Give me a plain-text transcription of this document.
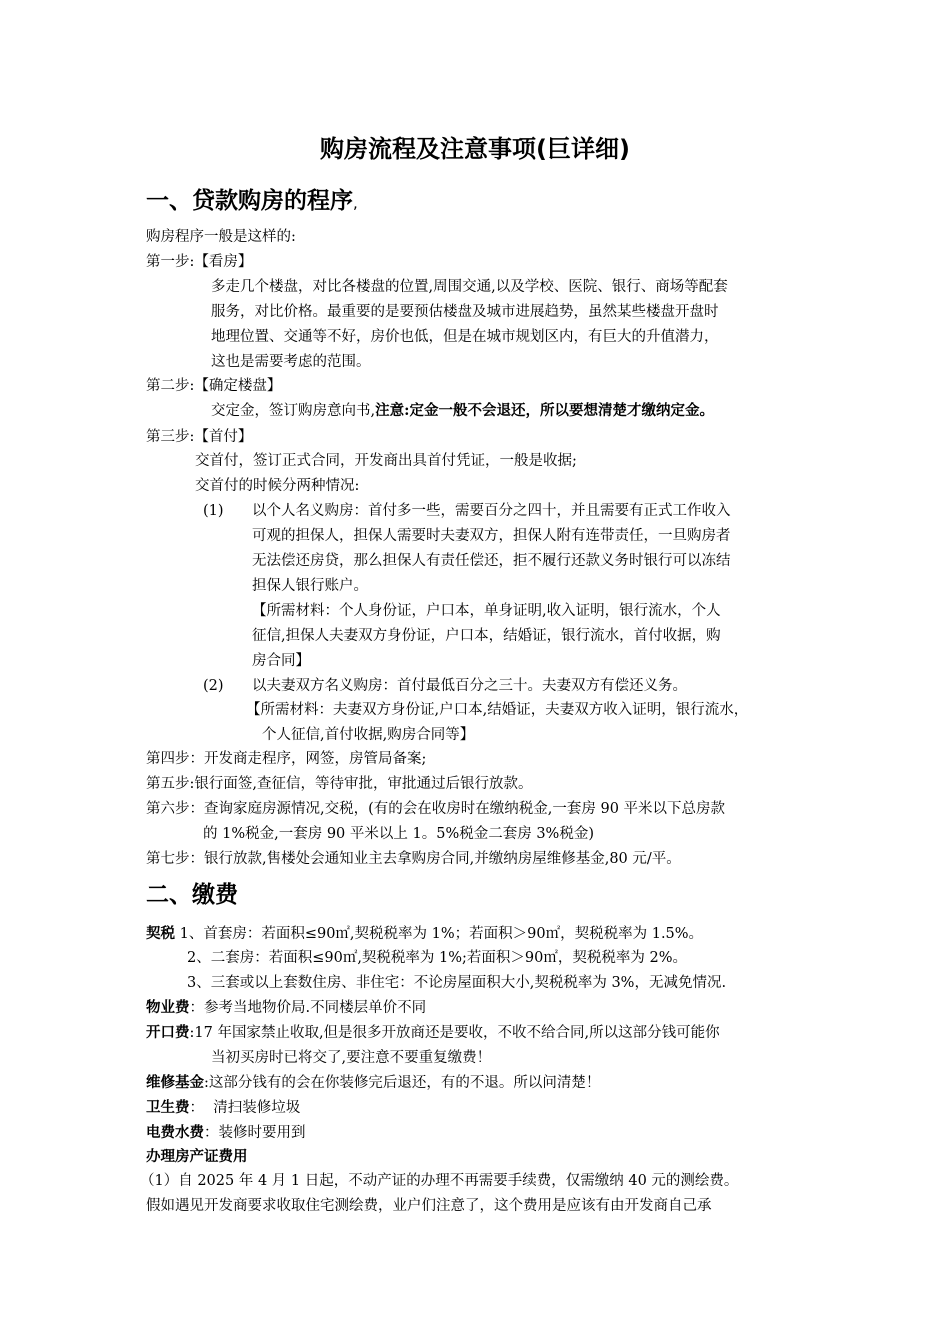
购房流程及注意事项(巨详细)
一、贷款购房的程序,
购房程序一般是这样的:
第一步:【看房】
多走几个楼盘，对比各楼盘的位置,周围交通,以及学校、医院、银行、商场等配套
服务，对比价格。最重要的是要预估楼盘及城市进展趋势，虽然某些楼盘开盘时
地理位置、交通等不好，房价也低，但是在城市规划区内，有巨大的升值潜力，
这也是需要考虑的范围。
第二步:【确定楼盘】
交定金，签订购房意向书,注意:定金一般不会退还，所以要想清楚才缴纳定金。
第三步:【首付】
交首付，签订正式合同，开发商出具首付凭证，一般是收据;
交首付的时候分两种情况:
(1) 以个人名义购房：首付多一些，需要百分之四十，并且需要有正式工作收入
可观的担保人，担保人需要时夫妻双方，担保人附有连带责任，一旦购房者
无法偿还房贷，那么担保人有责任偿还，拒不履行还款义务时银行可以冻结
担保人银行账户。
【所需材料：个人身份证，户口本，单身证明,收入证明，银行流水，个人
征信,担保人夫妻双方身份证，户口本，结婚证，银行流水，首付收据，购
房合同】
(2) 以夫妻双方名义购房：首付最低百分之三十。夫妻双方有偿还义务。
【所需材料：夫妻双方身份证,户口本,结婚证，夫妻双方收入证明，银行流水，
个人征信,首付收据,购房合同等】
第四步：开发商走程序，网签，房管局备案;
第五步:银行面签,查征信，等待审批，审批通过后银行放款。
第六步：查询家庭房源情况,交税，(有的会在收房时在缴纳税金,一套房 90 平米以下总房款
的 1%税金,一套房 90 平米以上 1。5%税金二套房 3%税金)
第七步：银行放款,售楼处会通知业主去拿购房合同,并缴纳房屋维修基金,80 元/平。
二、缴费
契税 1、首套房：若面积≤90㎡,契税税率为 1%；若面积＞90㎡，契税税率为 1.5%。
2、二套房：若面积≤90㎡,契税税率为 1%;若面积＞90㎡，契税税率为 2%。
3、三套或以上套数住房、非住宅：不论房屋面积大小,契税税率为 3%，无减免情况.
物业费：参考当地物价局.不同楼层单价不同
开口费:17 年国家禁止收取,但是很多开放商还是要收，不收不给合同,所以这部分钱可能你
当初买房时已将交了,要注意不要重复缴费！
维修基金:这部分钱有的会在你装修完后退还，有的不退。所以问清楚！
卫生费：  清扫装修垃圾
电费水费：装修时要用到
办理房产证费用
（1）自 2025 年 4 月 1 日起，不动产证的办理不再需要手续费，仅需缴纳 40 元的测绘费。
假如遇见开发商要求收取住宅测绘费，业户们注意了，这个费用是应该有由开发商自己承
